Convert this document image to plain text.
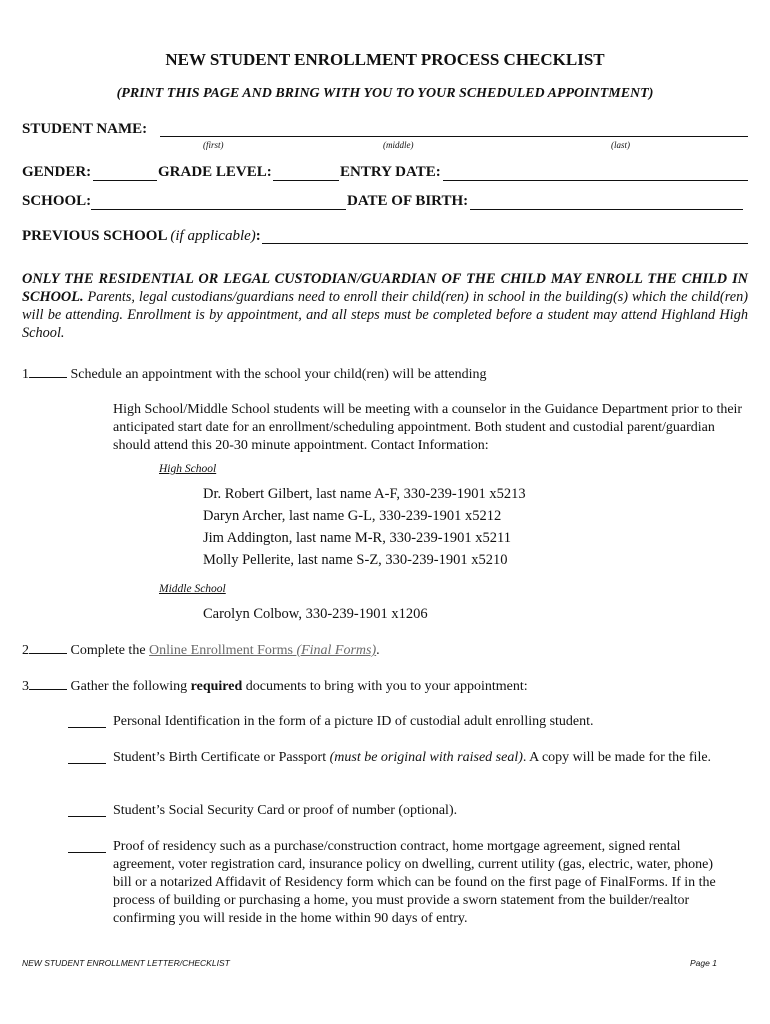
NEW STUDENT ENROLLMENT PROCESS CHECKLIST
(PRINT THIS PAGE AND BRING WITH YOU TO YOUR SCHEDULED APPOINTMENT)
STUDENT NAME:
(first)	(middle)	(last)
GENDER:	GRADE LEVEL:	ENTRY DATE:
SCHOOL:	DATE OF BIRTH:
PREVIOUS SCHOOL (if applicable):
ONLY THE RESIDENTIAL OR LEGAL CUSTODIAN/GUARDIAN OF THE CHILD MAY ENROLL THE CHILD IN SCHOOL. Parents, legal custodians/guardians need to enroll their child(ren) in school in the building(s) which the child(ren) will be attending. Enrollment is by appointment, and all steps must be completed before a student may attend Highland High School.
1	Schedule an appointment with the school your child(ren) will be attending
High School/Middle School students will be meeting with a counselor in the Guidance Department prior to their anticipated start date for an enrollment/scheduling appointment. Both student and custodial parent/guardian should attend this 20-30 minute appointment. Contact Information:
High School
Dr. Robert Gilbert, last name A-F, 330-239-1901 x5213
Daryn Archer, last name G-L, 330-239-1901 x5212
Jim Addington, last name M-R, 330-239-1901 x5211
Molly Pellerite, last name S-Z, 330-239-1901 x5210
Middle School
Carolyn Colbow, 330-239-1901 x1206
2	Complete the Online Enrollment Forms (Final Forms).
3	Gather the following required documents to bring with you to your appointment:
Personal Identification in the form of a picture ID of custodial adult enrolling student.
Student’s Birth Certificate or Passport (must be original with raised seal). A copy will be made for the file.
Student’s Social Security Card or proof of number (optional).
Proof of residency such as a purchase/construction contract, home mortgage agreement, signed rental agreement, voter registration card, insurance policy on dwelling, current utility (gas, electric, water, phone) bill or a notarized Affidavit of Residency form which can be found on the first page of FinalForms. If in the process of building or purchasing a home, you must provide a sworn statement from the builder/realtor confirming you will reside in the home within 90 days of entry.
NEW STUDENT ENROLLMENT LETTER/CHECKLIST	Page 1
